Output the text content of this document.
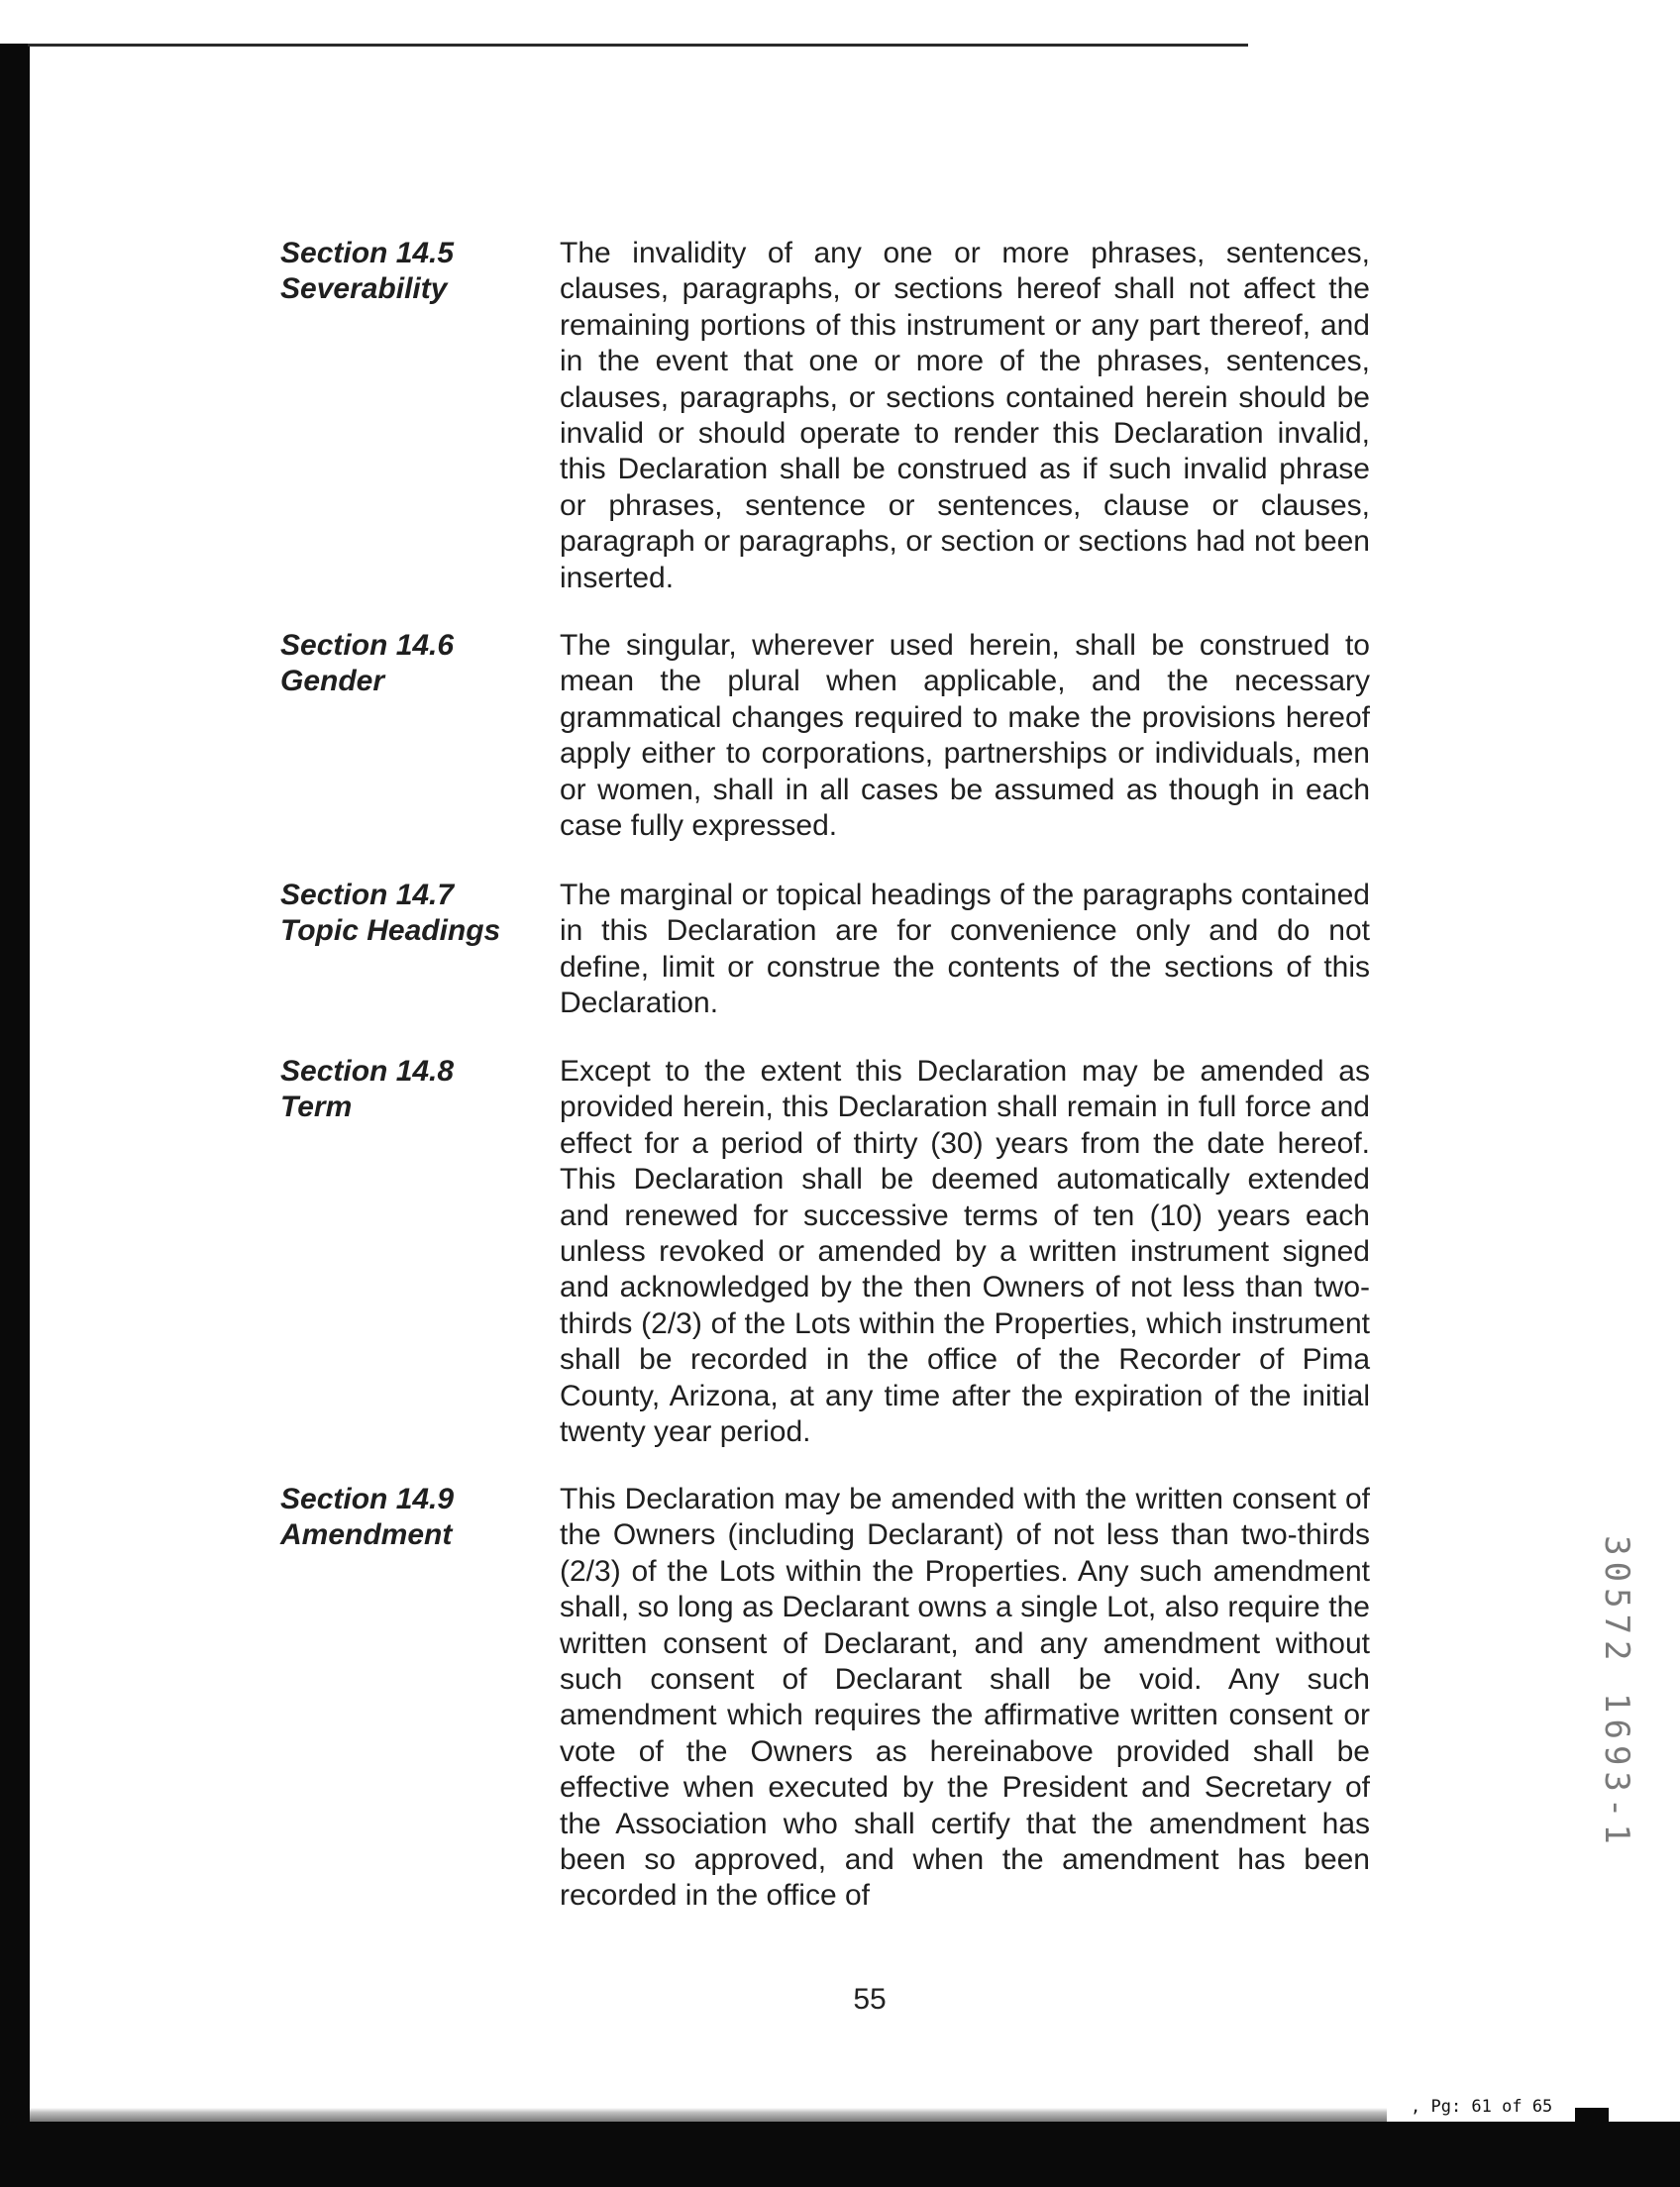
Section 14.5
Severability
The invalidity of any one or more phrases, sentences, clauses, paragraphs, or sections hereof shall not affect the remaining portions of this instrument or any part thereof, and in the event that one or more of the phrases, sentences, clauses, paragraphs, or sections contained herein should be invalid or should operate to render this Declaration invalid, this Declaration shall be construed as if such invalid phrase or phrases, sentence or sentences, clause or clauses, paragraph or paragraphs, or section or sections had not been inserted.
Section 14.6
Gender
The singular, wherever used herein, shall be construed to mean the plural when applicable, and the necessary grammatical changes required to make the provisions hereof apply either to corporations, partnerships or individuals, men or women, shall in all cases be assumed as though in each case fully expressed.
Section 14.7
Topic Headings
The marginal or topical headings of the paragraphs contained in this Declaration are for convenience only and do not define, limit or construe the contents of the sections of this Declaration.
Section 14.8
Term
Except to the extent this Declaration may be amended as provided herein, this Declaration shall remain in full force and effect for a period of thirty (30) years from the date hereof. This Declaration shall be deemed automatically extended and renewed for successive terms of ten (10) years each unless revoked or amended by a written instrument signed and acknowledged by the then Owners of not less than two-thirds (2/3) of the Lots within the Properties, which instrument shall be recorded in the office of the Recorder of Pima County, Arizona, at any time after the expiration of the initial twenty year period.
Section 14.9
Amendment
This Declaration may be amended with the written consent of the Owners (including Declarant) of not less than two-thirds (2/3) of the Lots within the Properties. Any such amendment shall, so long as Declarant owns a single Lot, also require the written consent of Declarant, and any amendment without such consent of Declarant shall be void. Any such amendment which requires the affirmative written consent or vote of the Owners as hereinabove provided shall be effective when executed by the President and Secretary of the Association who shall certify that the amendment has been so approved, and when the amendment has been recorded in the office of
55
30572 1693-1
, Pg: 61 of 65
